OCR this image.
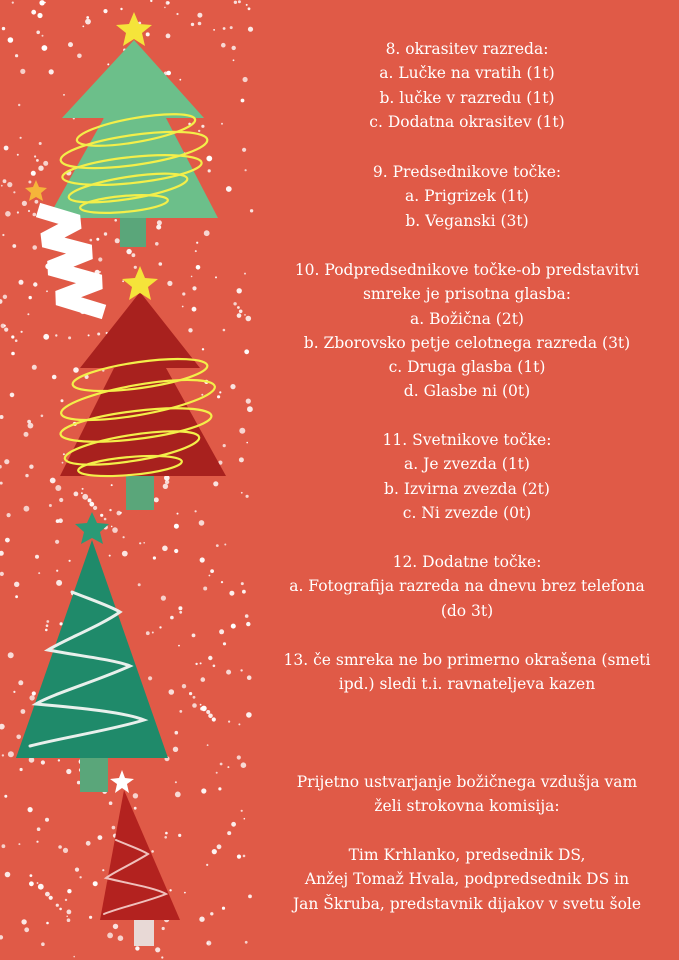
8. okrasitev razreda:
a. Lučke na vratih (1t)
b. lučke v razredu (1t)
c. Dodatna okrasitev (1t)
9. Predsednikove točke:
a. Prigrizek (1t)
b. Veganski (3t)
10. Podpredsednikove točke-ob predstavitvi
smreke je prisotna glasba:
a. Božična (2t)
b. Zborovsko petje celotnega razreda (3t)
c. Druga glasba (1t)
d. Glasbe ni (0t)
11. Svetnikove točke:
a. Je zvezda (1t)
b. Izvirna zvezda (2t)
c. Ni zvezde (0t)
12. Dodatne točke:
a. Fotografija razreda na dnevu brez telefona
(do 3t)
13. če smreka ne bo primerno okrašena (smeti
ipd.) sledi t.i. ravnateljeva kazen
Prijetno ustvarjanje božičnega vzdušja vam
želi strokovna komisija:
Tim Krhlanko, predsednik DS,
Anžej Tomaž Hvala, podpredsednik DS in
Jan Škruba, predstavnik dijakov v svetu šole
